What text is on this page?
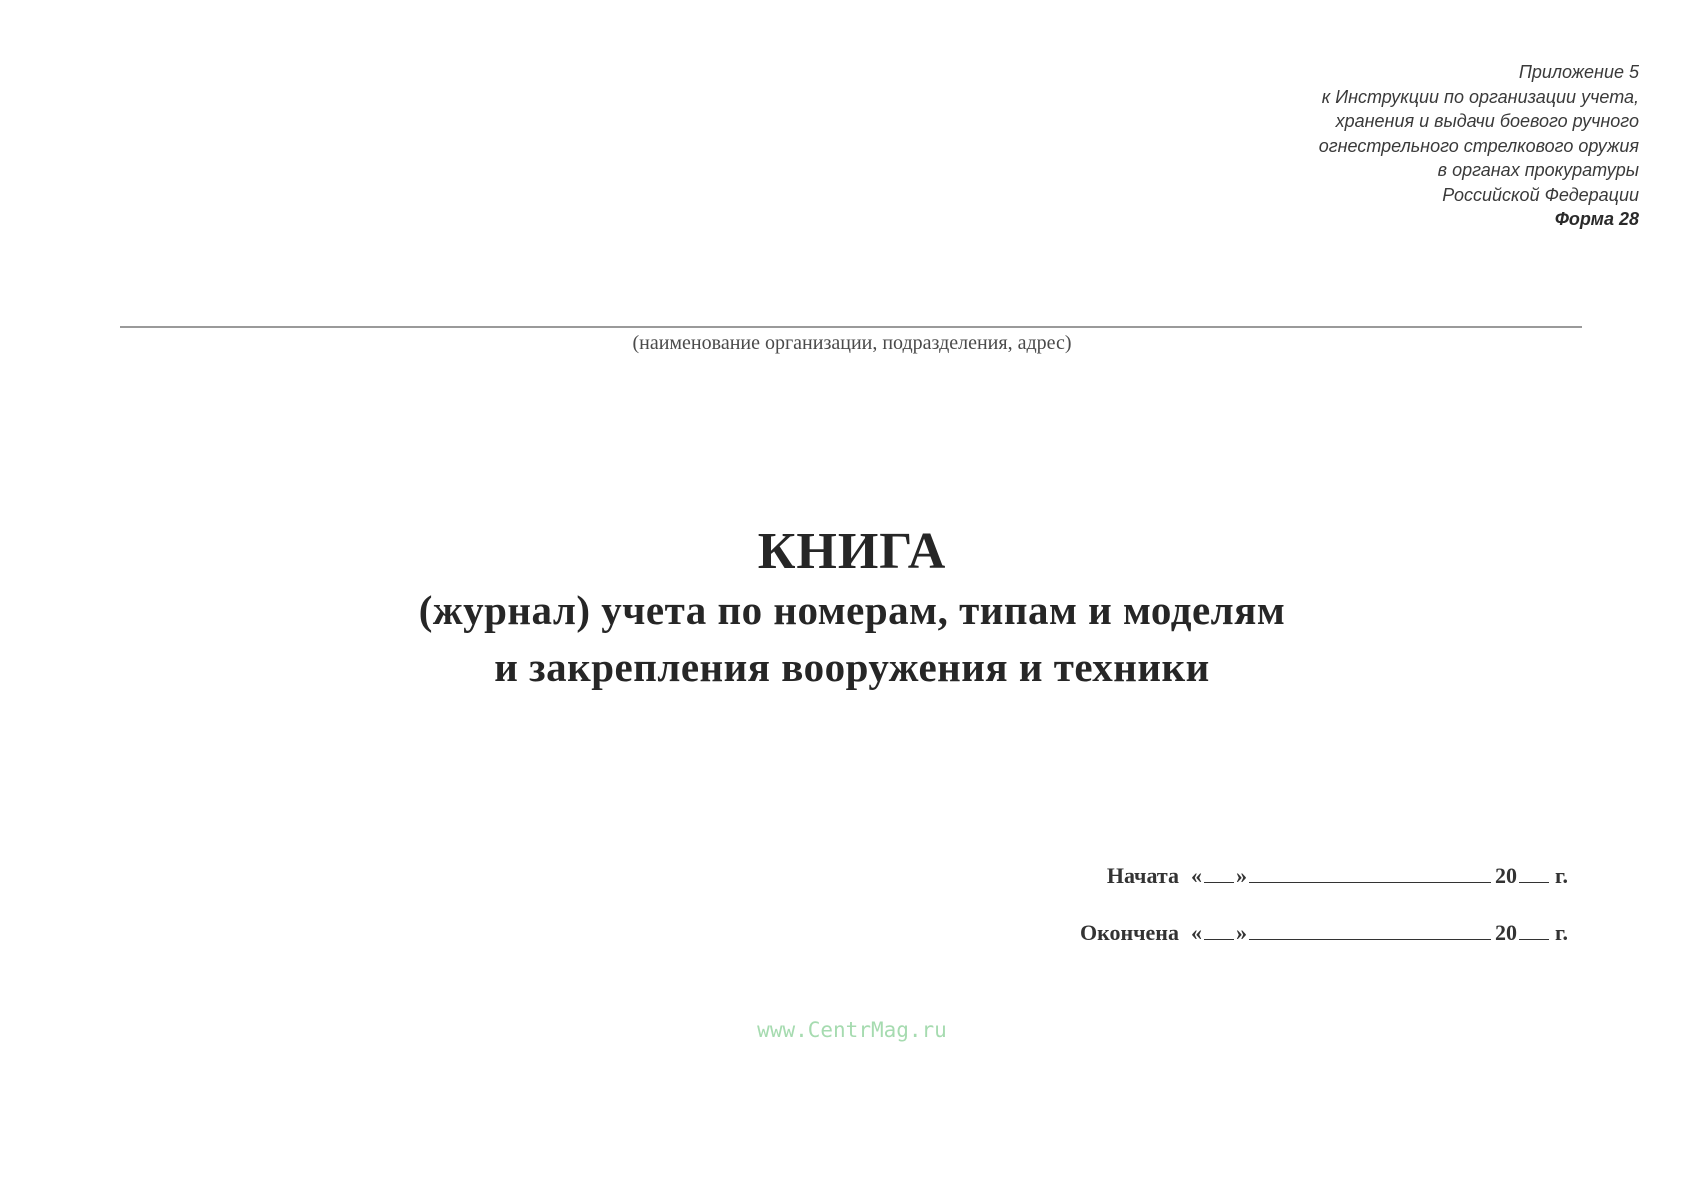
Приложение 5
к Инструкции по организации учета,
хранения и выдачи боевого ручного
огнестрельного стрелкового оружия
в органах прокуратуры
Российской Федерации
Форма 28
(наименование организации, подразделения, адрес)
КНИГА
(журнал) учета по номерам, типам и моделям
и закрепления вооружения и техники
Начата « »	20 г.
Окончена « »	20 г.
www.CentrMag.ru
